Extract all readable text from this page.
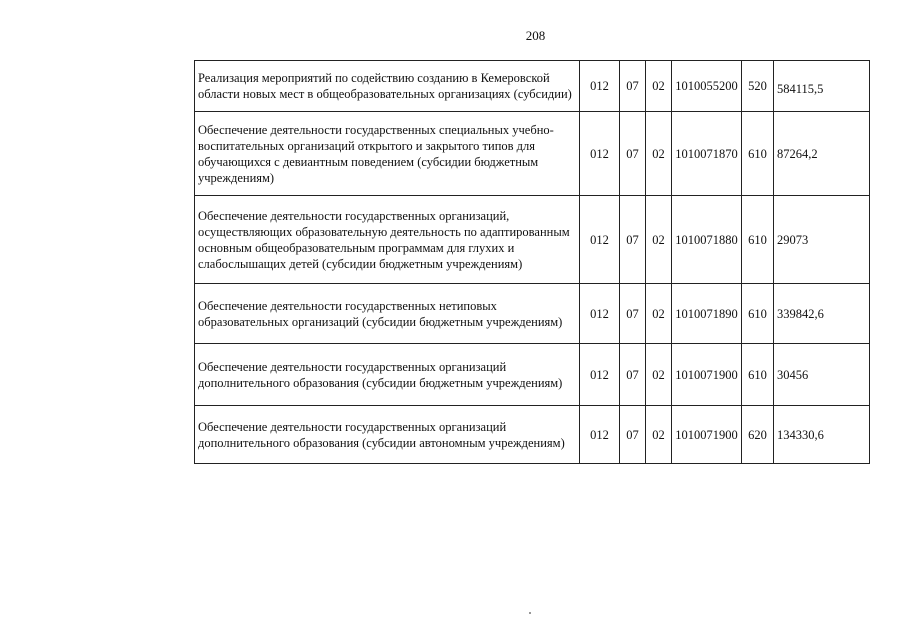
208
Реализация мероприятий по содействию созданию в Кемеровской области новых мест в общеобразовательных организациях (субсидии)	012	07	02	1010055200	520	584115,5
Обеспечение деятельности государственных специальных учебно-воспитательных организаций открытого и закрытого типов для обучающихся с девиантным поведением (субсидии бюджетным учреждениям)	012	07	02	1010071870	610	87264,2
Обеспечение деятельности государственных организаций, осуществляющих образовательную деятельность по адаптированным основным общеобразовательным программам для глухих и слабослышащих детей (субсидии бюджетным учреждениям)	012	07	02	1010071880	610	29073
Обеспечение деятельности государственных нетиповых образовательных организаций (субсидии бюджетным учреждениям)	012	07	02	1010071890	610	339842,6
Обеспечение деятельности государственных организаций дополнительного образования (субсидии бюджетным учреждениям)	012	07	02	1010071900	610	30456
Обеспечение деятельности государственных организаций дополнительного образования (субсидии автономным учреждениям)	012	07	02	1010071900	620	134330,6
